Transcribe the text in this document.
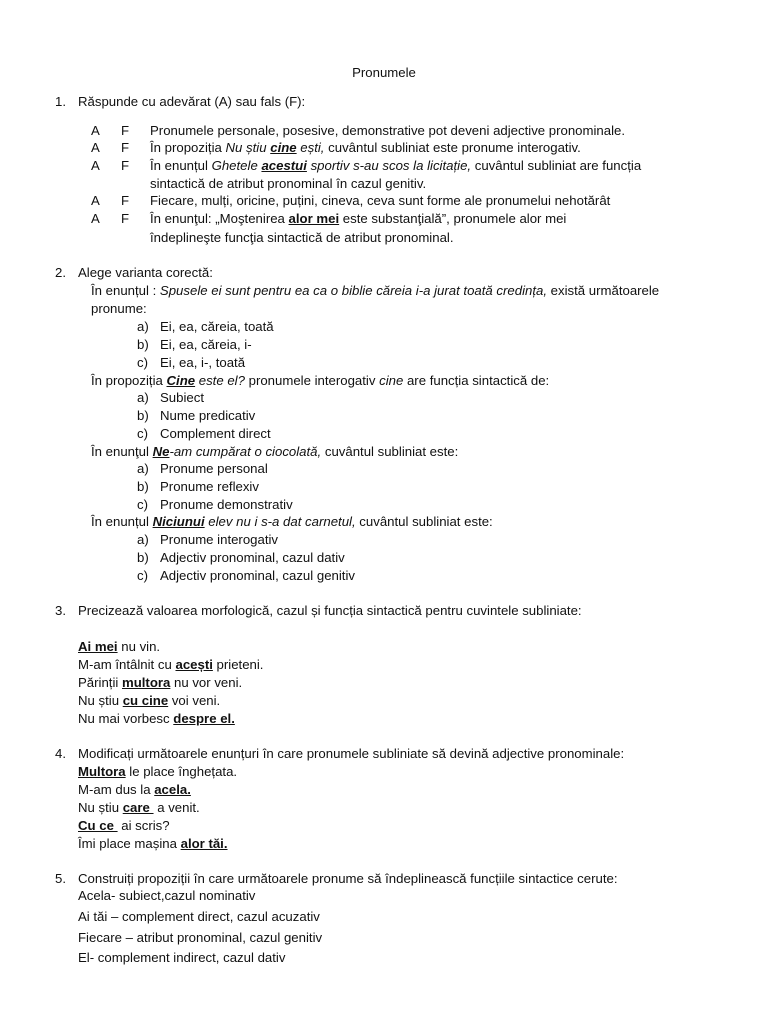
Pronumele
1. Răspunde cu adevărat (A) sau fals (F):
A F Pronumele personale, posesive, demonstrative pot deveni adjective pronominale.
A F În propoziția Nu știu cine ești, cuvântul subliniat este pronume interogativ.
A F În enunțul Ghetele acestui sportiv s-au scos la licitație, cuvântul subliniat are funcția
sintactică de atribut pronominal în cazul genitiv.
A F Fiecare, mulți, oricine, puțini, cineva, ceva sunt forme ale pronumelui nehotărât
A F În enunţul: „Moştenirea alor mei este substanţială”, pronumele alor mei
îndeplineşte funcţia sintactică de atribut pronominal.
2. Alege varianta corectă:
În enunțul : Spusele ei sunt pentru ea ca o biblie căreia i-a jurat toată credința, există următoarele
pronume:
a) Ei, ea, căreia, toată
b) Ei, ea, căreia, i-
c) Ei, ea, i-, toată
În propoziția Cine este el? pronumele interogativ cine are funcția sintactică de:
a) Subiect
b) Nume predicativ
c) Complement direct
În enunţul Ne-am cumpărat o ciocolată, cuvântul subliniat este:
a) Pronume personal
b) Pronume reflexiv
c) Pronume demonstrativ
În enunțul Niciunui elev nu i s-a dat carnetul, cuvântul subliniat este:
a) Pronume interogativ
b) Adjectiv pronominal, cazul dativ
c) Adjectiv pronominal, cazul genitiv
3. Precizează valoarea morfologică, cazul și funcția sintactică pentru cuvintele subliniate:
Ai mei nu vin.
M-am întâlnit cu acești prieteni.
Părinții multora nu vor veni.
Nu știu cu cine voi veni.
Nu mai vorbesc despre el.
4. Modificați următoarele enunțuri în care pronumele subliniate să devină adjective pronominale:
Multora le place înghețata.
M-am dus la acela.
Nu știu care  a venit.
Cu ce  ai scris?
Îmi place mașina alor tăi.
5. Construiți propoziții în care următoarele pronume să îndeplinească funcțiile sintactice cerute:
Acela- subiect,cazul nominativ
Ai tăi – complement direct, cazul acuzativ
Fiecare – atribut pronominal, cazul genitiv
El- complement indirect, cazul dativ
